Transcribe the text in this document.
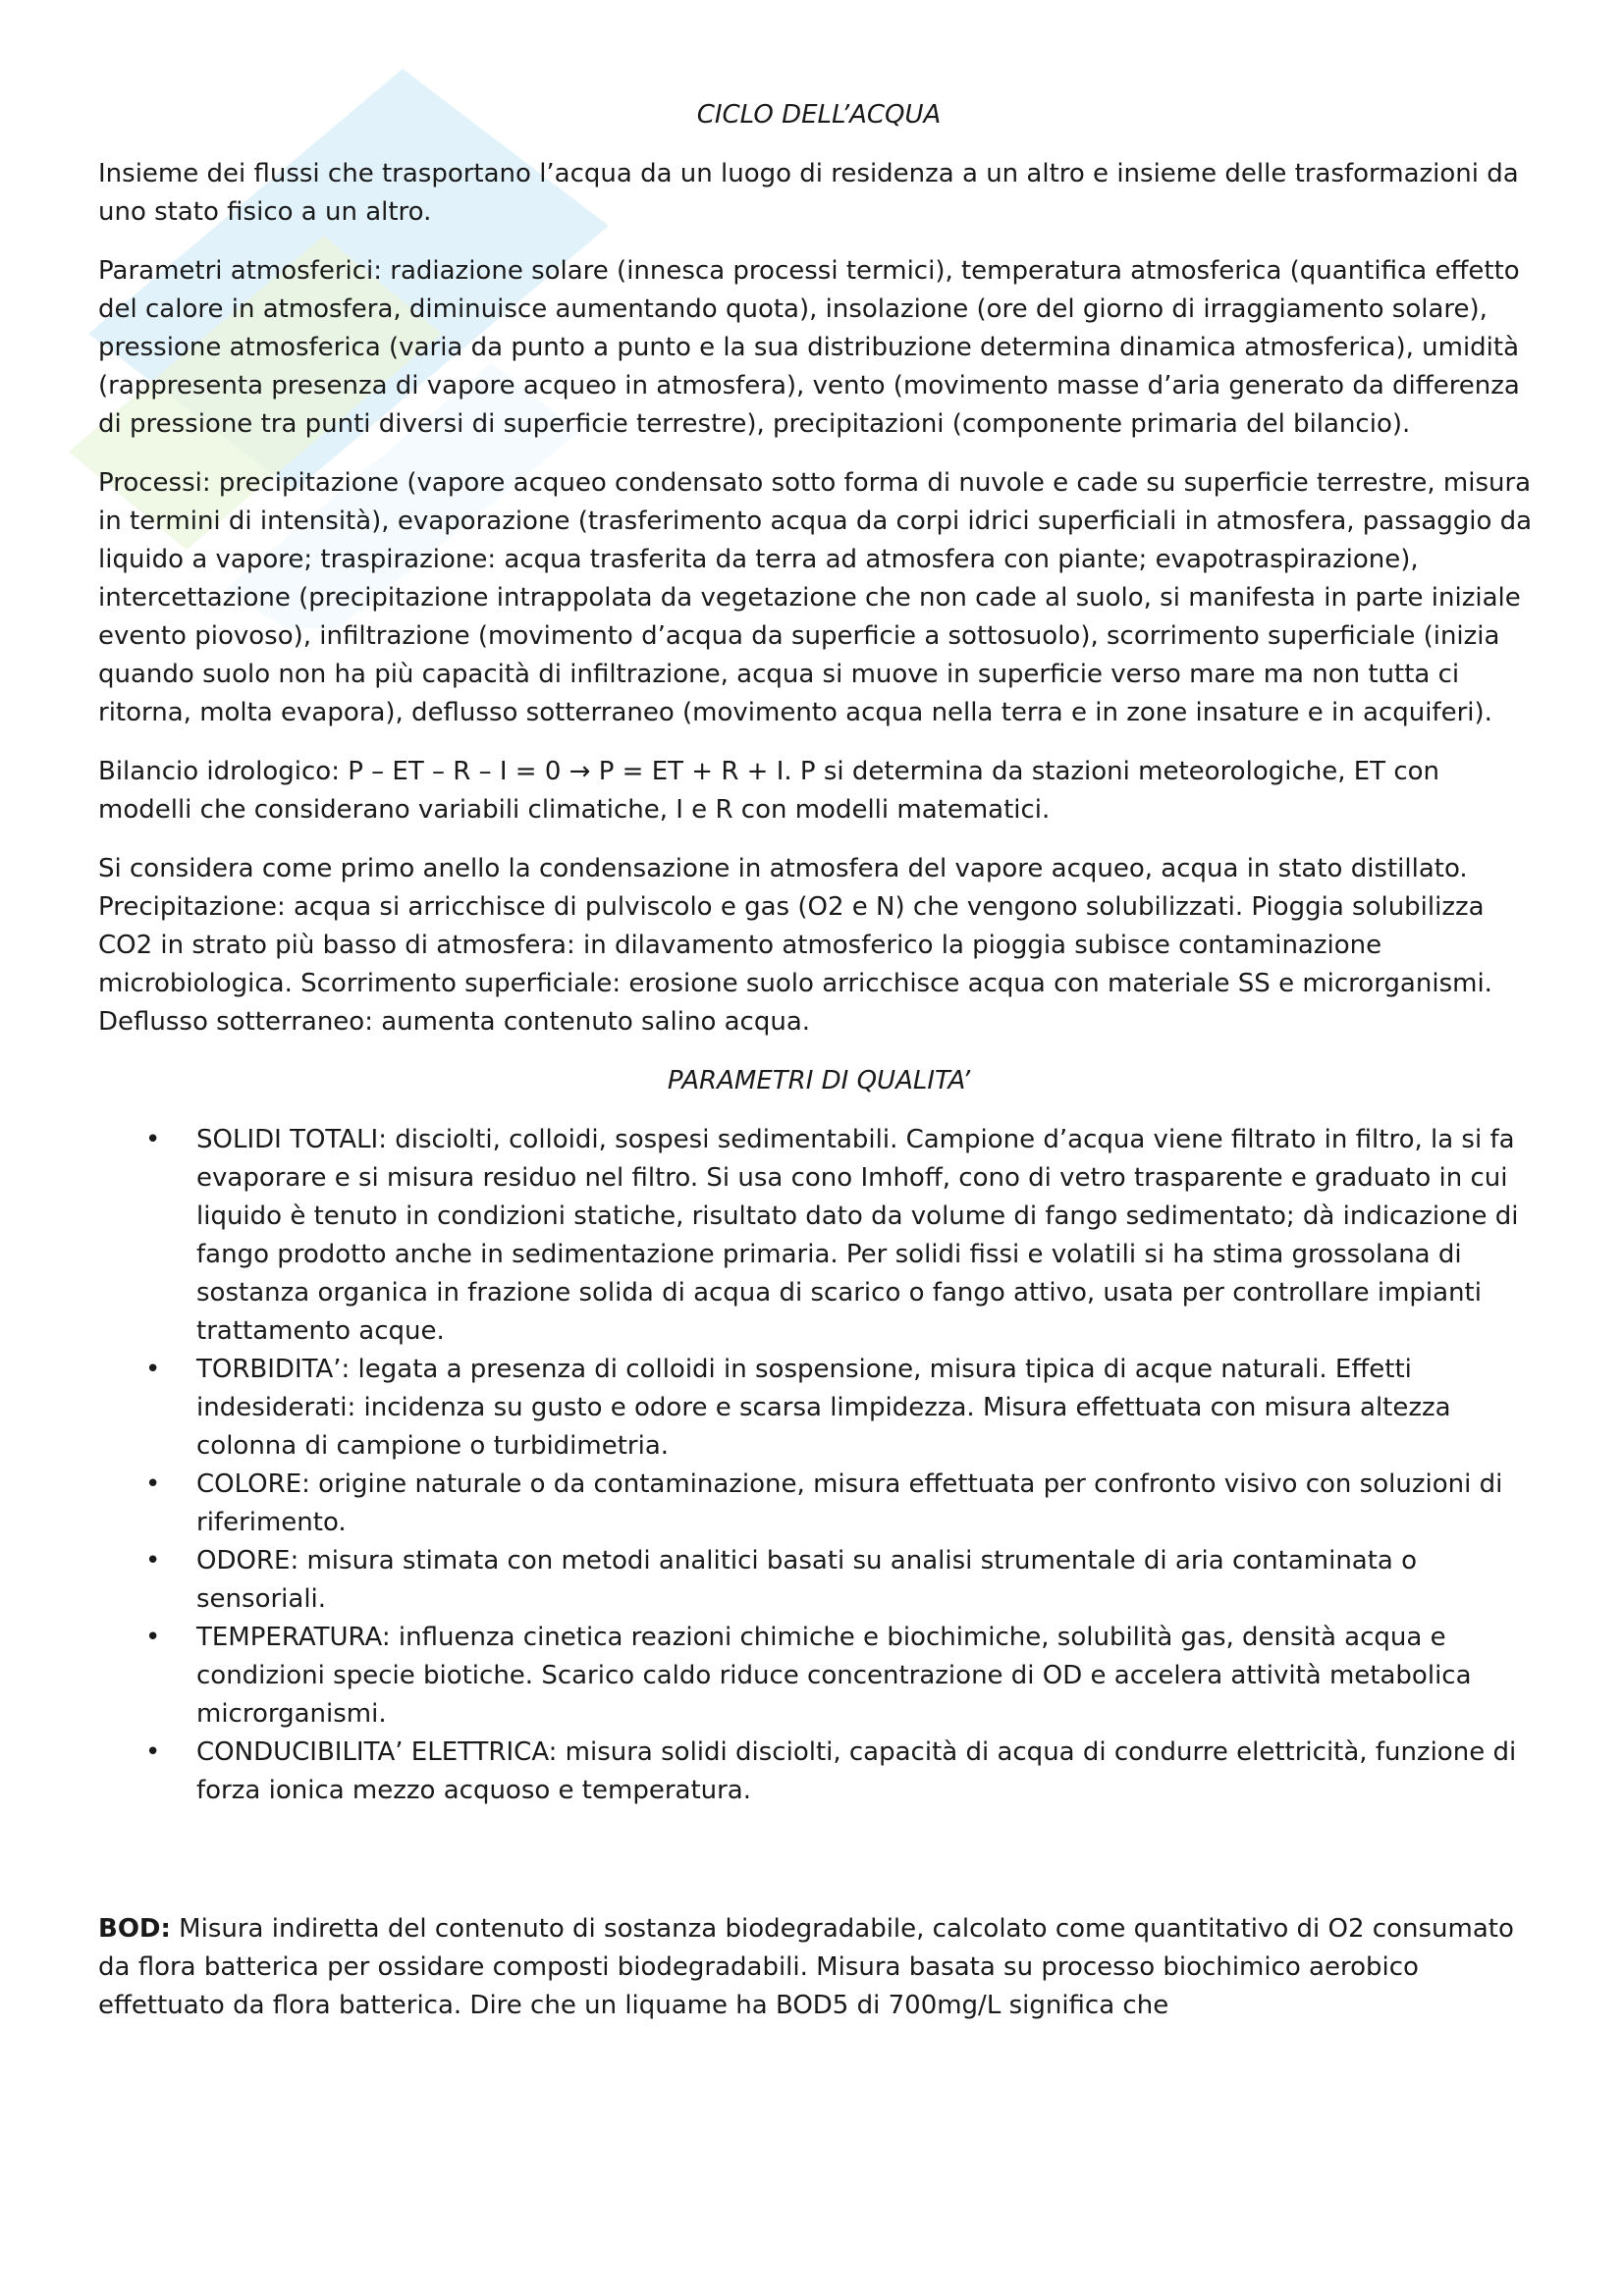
CICLO DELL’ACQUA

Insieme dei flussi che trasportano l’acqua da un luogo di residenza a un altro e insieme delle trasformazioni da uno stato fisico a un altro.

Parametri atmosferici: radiazione solare (innesca processi termici), temperatura atmosferica (quantifica effetto del calore in atmosfera, diminuisce aumentando quota), insolazione (ore del giorno di irraggiamento solare), pressione atmosferica (varia da punto a punto e la sua distribuzione determina dinamica atmosferica), umidità (rappresenta presenza di vapore acqueo in atmosfera), vento (movimento masse d’aria generato da differenza di pressione tra punti diversi di superficie terrestre), precipitazioni (componente primaria del bilancio).

Processi: precipitazione (vapore acqueo condensato sotto forma di nuvole e cade su superficie terrestre, misura in termini di intensità), evaporazione (trasferimento acqua da corpi idrici superficiali in atmosfera, passaggio da liquido a vapore; traspirazione: acqua trasferita da terra ad atmosfera con piante; evapotraspirazione), intercettazione (precipitazione intrappolata da vegetazione che non cade al suolo, si manifesta in parte iniziale evento piovoso), infiltrazione (movimento d’acqua da superficie a sottosuolo), scorrimento superficiale (inizia quando suolo non ha più capacità di infiltrazione, acqua si muove in superficie verso mare ma non tutta ci ritorna, molta evapora), deflusso sotterraneo (movimento acqua nella terra e in zone insature e in acquiferi).

Bilancio idrologico: P – ET – R – I = 0 → P = ET + R + I. P si determina da stazioni meteorologiche, ET con modelli che considerano variabili climatiche, I e R con modelli matematici.

Si considera come primo anello la condensazione in atmosfera del vapore acqueo, acqua in stato distillato. Precipitazione: acqua si arricchisce di pulviscolo e gas (O2 e N) che vengono solubilizzati. Pioggia solubilizza CO2 in strato più basso di atmosfera: in dilavamento atmosferico la pioggia subisce contaminazione microbiologica. Scorrimento superficiale: erosione suolo arricchisce acqua con materiale SS e microrganismi. Deflusso sotterraneo: aumenta contenuto salino acqua.

PARAMETRI DI QUALITA’
• SOLIDI TOTALI: disciolti, colloidi, sospesi sedimentabili. Campione d’acqua viene filtrato in filtro, la si fa evaporare e si misura residuo nel filtro. Si usa cono Imhoff, cono di vetro trasparente e graduato in cui liquido è tenuto in condizioni statiche, risultato dato da volume di fango sedimentato; dà indicazione di fango prodotto anche in sedimentazione primaria. Per solidi fissi e volatili si ha stima grossolana di sostanza organica in frazione solida di acqua di scarico o fango attivo, usata per controllare impianti trattamento acque.
• TORBIDITA’: legata a presenza di colloidi in sospensione, misura tipica di acque naturali. Effetti indesiderati: incidenza su gusto e odore e scarsa limpidezza. Misura effettuata con misura altezza colonna di campione o turbidimetria.
• COLORE: origine naturale o da contaminazione, misura effettuata per confronto visivo con soluzioni di riferimento.
• ODORE: misura stimata con metodi analitici basati su analisi strumentale di aria contaminata o sensoriali.
• TEMPERATURA: influenza cinetica reazioni chimiche e biochimiche, solubilità gas, densità acqua e condizioni specie biotiche. Scarico caldo riduce concentrazione di OD e accelera attività metabolica microrganismi.
• CONDUCIBILITA’ ELETTRICA: misura solidi disciolti, capacità di acqua di condurre elettricità, funzione di forza ionica mezzo acquoso e temperatura.

BOD: Misura indiretta del contenuto di sostanza biodegradabile, calcolato come quantitativo di O2 consumato da flora batterica per ossidare composti biodegradabili. Misura basata su processo biochimico aerobico effettuato da flora batterica. Dire che un liquame ha BOD5 di 700mg/L significa che
